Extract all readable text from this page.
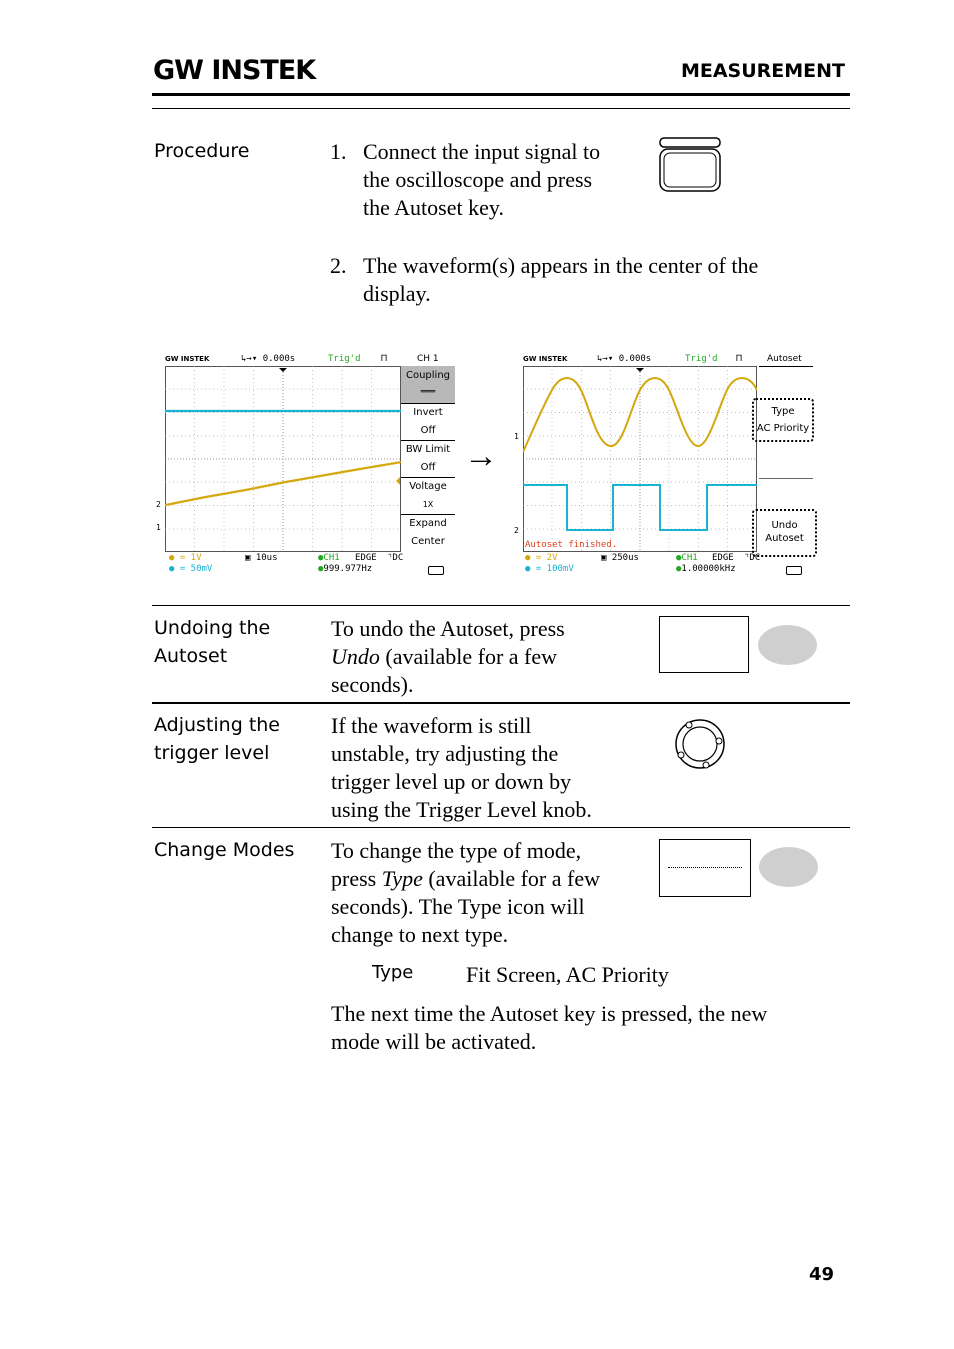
GW INSTEK	MEASUREMENT
Procedure	1. Connect the input signal to
the oscilloscope and press
the Autoset key.
2. The waveform(s) appears in the center of the
display.
GW INSTEK	↳→▾ 0.000s	Trig'd ⊓	CH 1
2
1
Coupling
═══
Invert
Off
BW Limit
Off
Voltage
1X
Expand
Center
● = 1V
● = 50mV
▣ 10us	●CH1 EDGE ⌝DC
●999.977Hz
→
GW INSTEK	↳→▾ 0.000s	Trig'd ⊓	Autoset
1
2
Autoset finished.
Type
AC Priority
Undo
Autoset
● = 2V
● = 100mV
▣ 250us	●CH1 EDGE ⌝DC
●1.00000kHz
Undoing the
Autoset
To undo the Autoset, press
Undo (available for a few
seconds).
Adjusting the
trigger level
If the waveform is still
unstable, try adjusting the
trigger level up or down by
using the Trigger Level knob.
Change Modes To change the type of mode,
press Type (available for a few
seconds). The Type icon will
change to next type.
Type Fit Screen, AC Priority
The next time the Autoset key is pressed, the new
mode will be activated.
49
